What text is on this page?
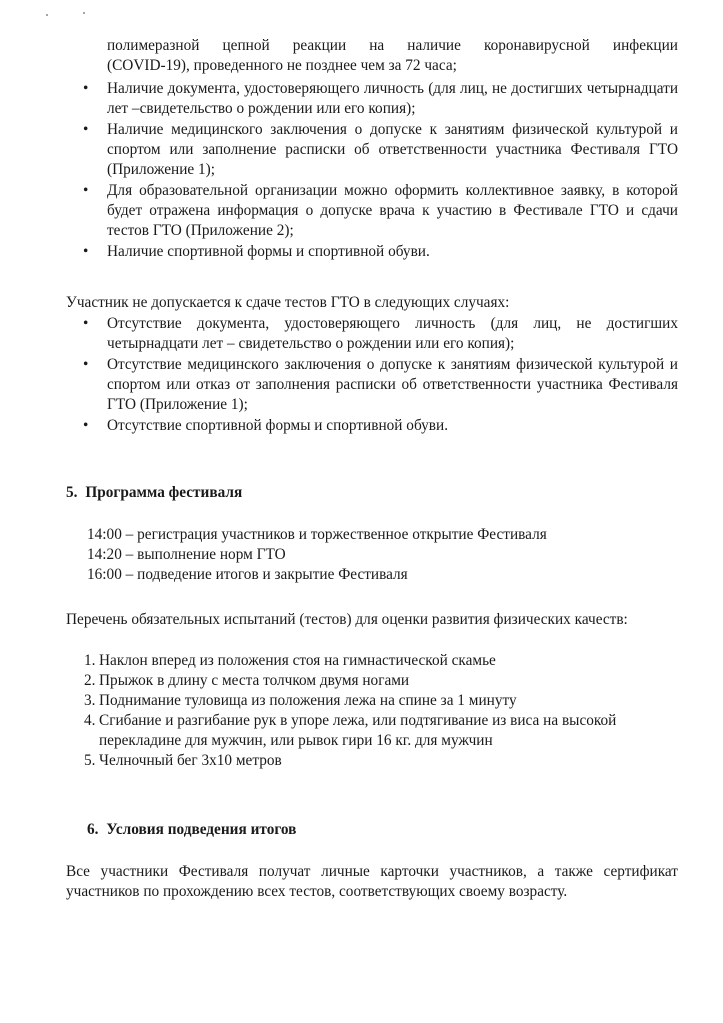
полимеразной цепной реакции на наличие коронавирусной инфекции
(COVID-19), проведенного не позднее чем за 72 часа;
• Наличие документа, удостоверяющего личность (для лиц, не достигших четырнадцати лет –свидетельство о рождении или его копия);
• Наличие медицинского заключения о допуске к занятиям физической культурой и спортом или заполнение расписки об ответственности участника Фестиваля ГТО (Приложение 1);
• Для образовательной организации можно оформить коллективное заявку, в которой будет отражена информация о допуске врача к участию в Фестивале ГТО и сдачи тестов ГТО (Приложение 2);
• Наличие спортивной формы и спортивной обуви.
Участник не допускается к сдаче тестов ГТО в следующих случаях:
• Отсутствие документа, удостоверяющего личность (для лиц, не достигших четырнадцати лет – свидетельство о рождении или его копия);
• Отсутствие медицинского заключения о допуске к занятиям физической культурой и спортом или отказ от заполнения расписки об ответственности участника Фестиваля ГТО (Приложение 1);
• Отсутствие спортивной формы и спортивной обуви.
5. Программа фестиваля
14:00 – регистрация участников и торжественное открытие Фестиваля
14:20 – выполнение норм ГТО
16:00 – подведение итогов и закрытие Фестиваля
Перечень обязательных испытаний (тестов) для оценки развития физических качеств:
1. Наклон вперед из положения стоя на гимнастической скамье
2. Прыжок в длину с места толчком двумя ногами
3. Поднимание туловища из положения лежа на спине за 1 минуту
4. Сгибание и разгибание рук в упоре лежа, или подтягивание из виса на высокой перекладине для мужчин, или рывок гири 16 кг. для мужчин
5. Челночный бег 3х10 метров
6. Условия подведения итогов
Все участники Фестиваля получат личные карточки участников, а также сертификат участников по прохождению всех тестов, соответствующих своему возрасту.
